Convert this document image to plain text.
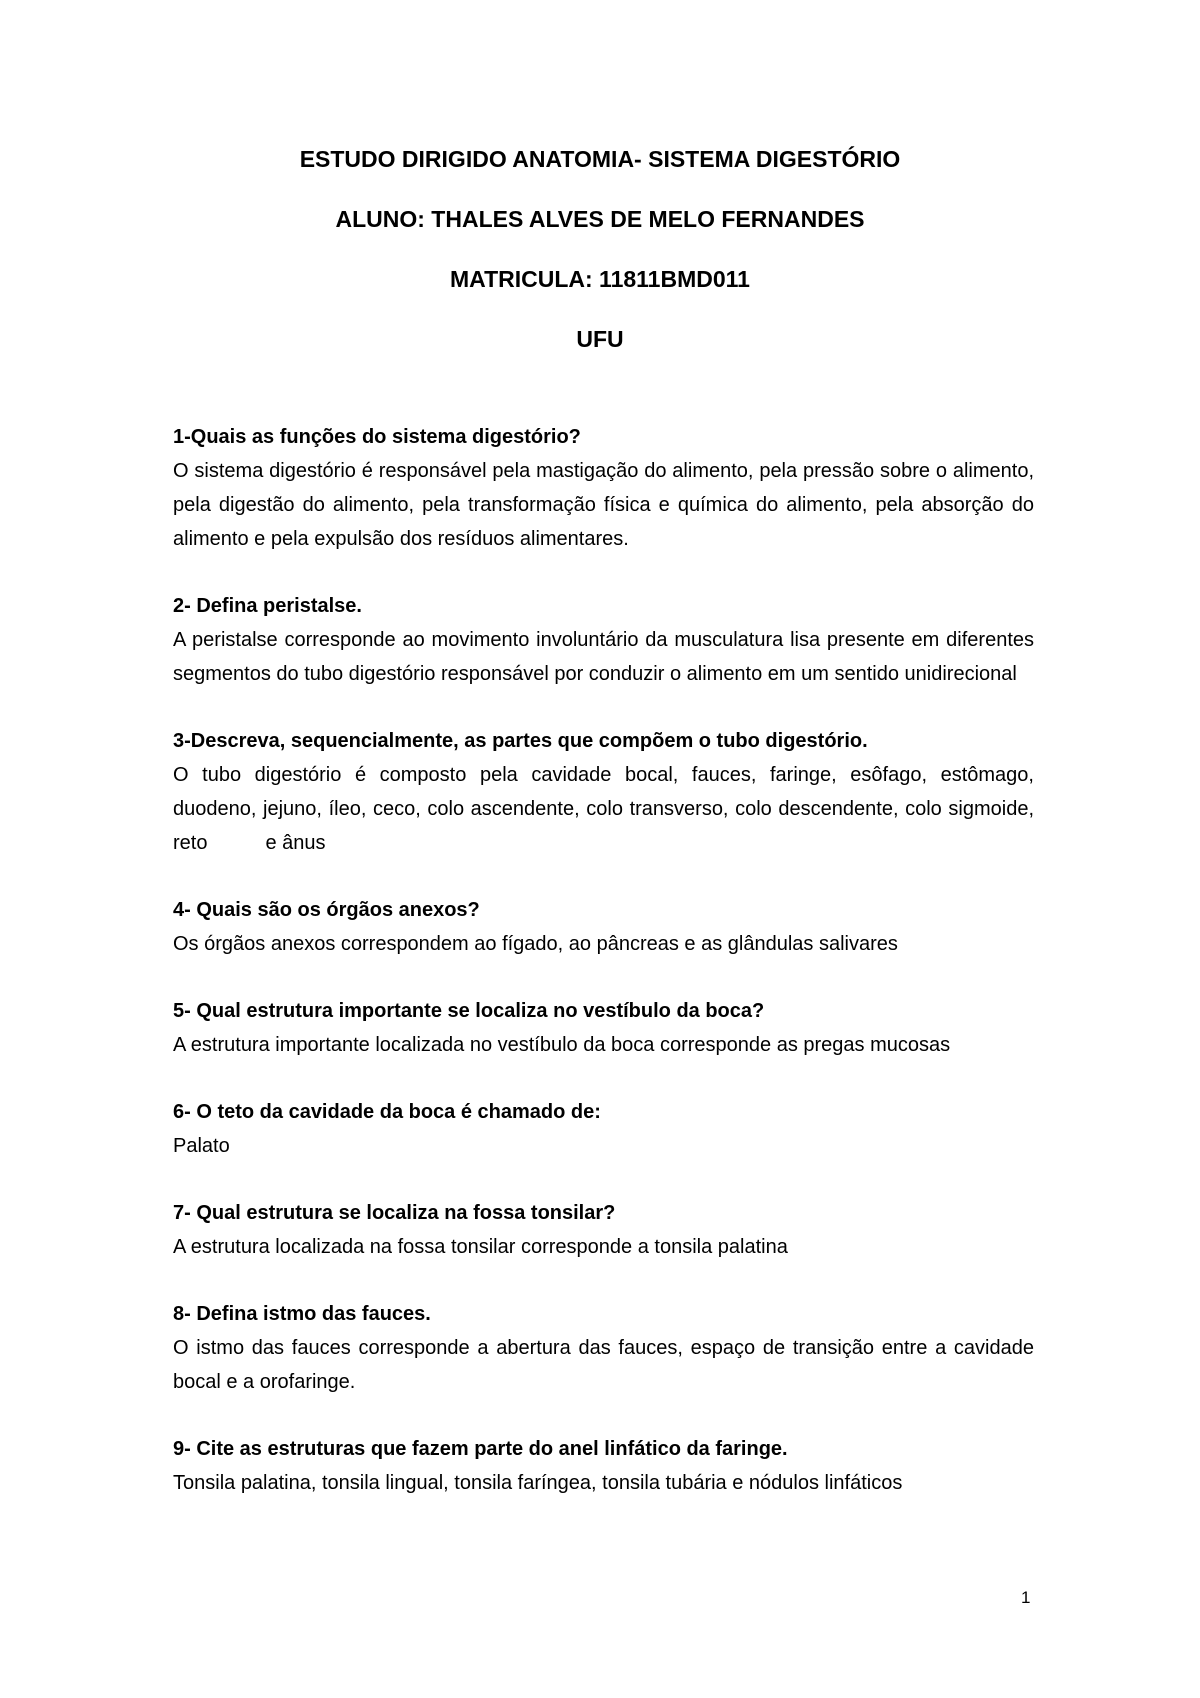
ESTUDO DIRIGIDO ANATOMIA- SISTEMA DIGESTÓRIO
ALUNO: THALES ALVES DE MELO FERNANDES
MATRICULA: 11811BMD011
UFU
1-Quais as funções do sistema digestório?
O sistema digestório é responsável pela mastigação do alimento, pela pressão sobre o alimento, pela digestão do alimento, pela transformação física e química do alimento, pela absorção do alimento e pela expulsão dos resíduos alimentares.
2- Defina peristalse.
A peristalse corresponde ao movimento involuntário da musculatura lisa presente em diferentes segmentos do tubo digestório responsável por conduzir o alimento em um sentido unidirecional
3-Descreva, sequencialmente, as partes que compõem o tubo digestório.
O tubo digestório é composto pela cavidade bocal, fauces, faringe, esôfago, estômago, duodeno, jejuno, íleo, ceco, colo ascendente, colo transverso, colo descendente, colo sigmoide, reto	e ânus
4- Quais são os órgãos anexos?
Os órgãos anexos correspondem ao fígado, ao pâncreas e as glândulas salivares
5- Qual estrutura importante se localiza no vestíbulo da boca?
A estrutura importante localizada no vestíbulo da boca corresponde as pregas mucosas
6- O teto da cavidade da boca é chamado de:
Palato
7- Qual estrutura se localiza na fossa tonsilar?
A estrutura localizada na fossa tonsilar corresponde a tonsila palatina
8- Defina istmo das fauces.
O istmo das fauces corresponde a abertura das fauces, espaço de transição entre a cavidade bocal e a orofaringe.
9- Cite as estruturas que fazem parte do anel linfático da faringe.
Tonsila palatina, tonsila lingual, tonsila faríngea, tonsila tubária e nódulos linfáticos
1
